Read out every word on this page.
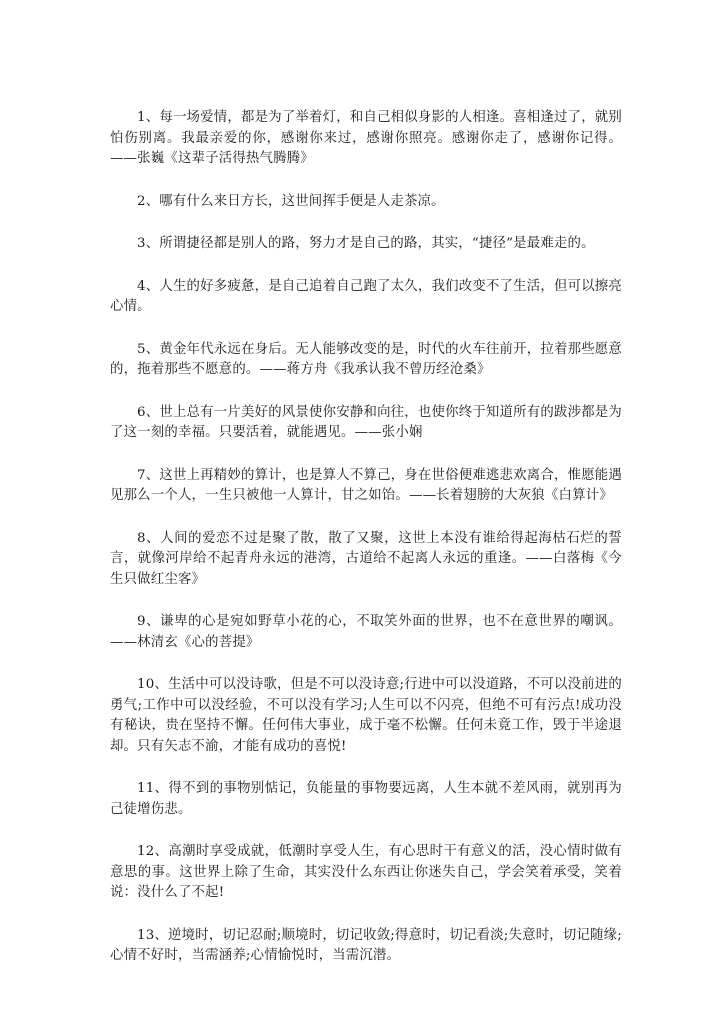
1、每一场爱情，都是为了举着灯，和自己相似身影的人相逢。喜相逢过了，就别怕伤别离。我最亲爱的你，感谢你来过，感谢你照亮。感谢你走了，感谢你记得。——张巍《这辈子活得热气腾腾》

2、哪有什么来日方长，这世间挥手便是人走茶凉。

3、所谓捷径都是别人的路，努力才是自己的路，其实，“捷径”是最难走的。

4、人生的好多疲惫，是自己追着自己跑了太久，我们改变不了生活，但可以擦亮心情。

5、黄金年代永远在身后。无人能够改变的是，时代的火车往前开，拉着那些愿意的，拖着那些不愿意的。——蒋方舟《我承认我不曾历经沧桑》

6、世上总有一片美好的风景使你安静和向往，也使你终于知道所有的跋涉都是为了这一刻的幸福。只要活着，就能遇见。——张小娴

7、这世上再精妙的算计，也是算人不算己，身在世俗便难逃悲欢离合，惟愿能遇见那么一个人，一生只被他一人算计，甘之如饴。——长着翅膀的大灰狼《白算计》

8、人间的爱恋不过是聚了散，散了又聚，这世上本没有谁给得起海枯石烂的誓言，就像河岸给不起青舟永远的港湾，古道给不起离人永远的重逢。——白落梅《今生只做红尘客》

9、谦卑的心是宛如野草小花的心，不取笑外面的世界，也不在意世界的嘲讽。——林清玄《心的菩提》

10、生活中可以没诗歌，但是不可以没诗意;行进中可以没道路，不可以没前进的勇气;工作中可以没经验，不可以没有学习;人生可以不闪亮，但绝不可有污点!成功没有秘诀，贵在坚持不懈。任何伟大事业，成于毫不松懈。任何未竟工作，毁于半途退却。只有矢志不渝，才能有成功的喜悦!

11、得不到的事物别惦记，负能量的事物要远离，人生本就不差风雨，就别再为己徒增伤悲。

12、高潮时享受成就，低潮时享受人生，有心思时干有意义的活，没心情时做有意思的事。这世界上除了生命，其实没什么东西让你迷失自己，学会笑着承受，笑着说：没什么了不起!

13、逆境时，切记忍耐;顺境时，切记收敛;得意时，切记看淡;失意时，切记随缘;心情不好时，当需涵养;心情愉悦时，当需沉潜。
